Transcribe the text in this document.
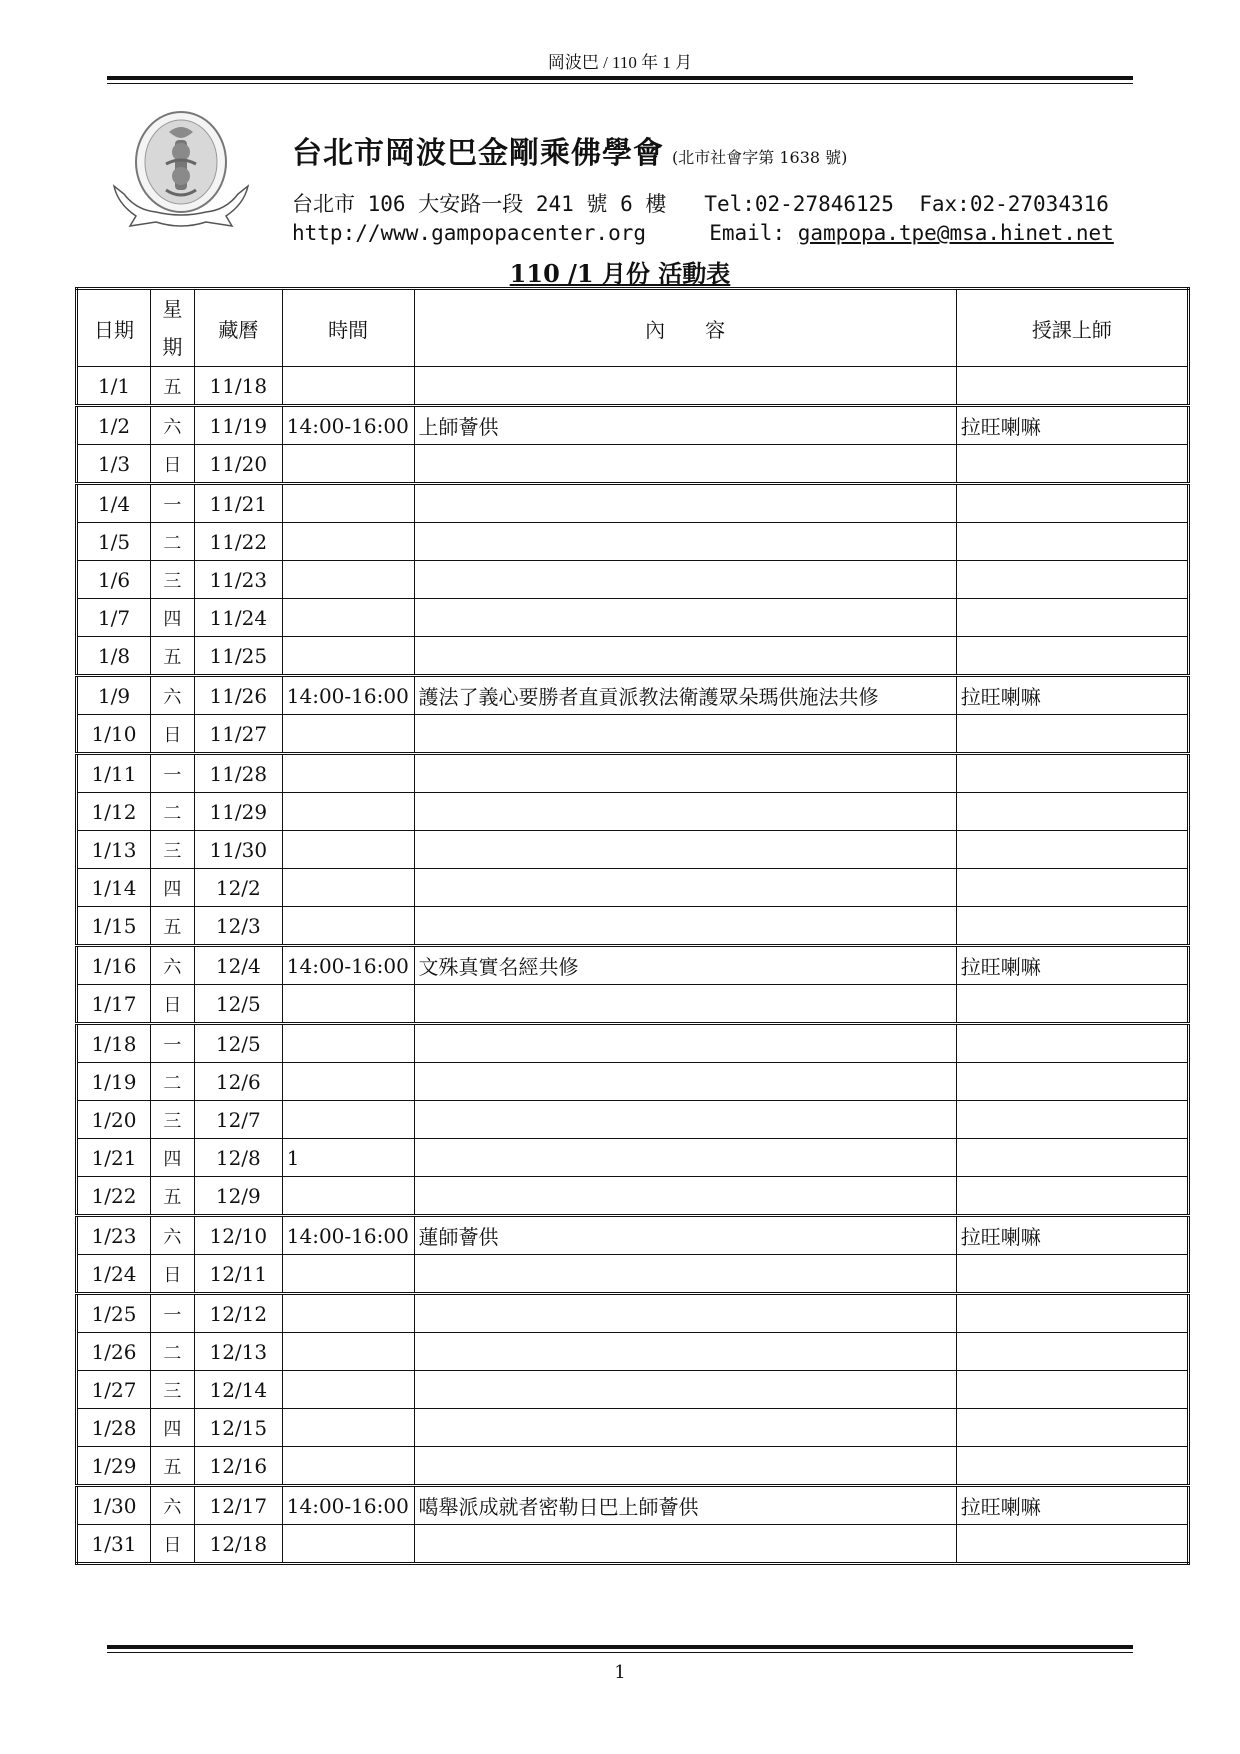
岡波巴 / 110 年 1 月
台北市岡波巴金剛乘佛學會 (北市社會字第 1638 號)
台北市 106 大安路一段 241 號 6 樓 Tel:02-27846125 Fax:02-27034316
http://www.gampopacenter.org	Email: gampopa.tpe@msa.hinet.net
110 /1 月份 活動表
日期	星期	藏曆	時間	內　　容	授課上師
1/1	五	11/18			
1/2	六	11/19	14:00-16:00	上師薈供	拉旺喇嘛
1/3	日	11/20			
1/4	一	11/21			
1/5	二	11/22			
1/6	三	11/23			
1/7	四	11/24			
1/8	五	11/25			
1/9	六	11/26	14:00-16:00	護法了義心要勝者直貢派教法衛護眾朵瑪供施法共修	拉旺喇嘛
1/10	日	11/27			
1/11	一	11/28			
1/12	二	11/29			
1/13	三	11/30			
1/14	四	12/2			
1/15	五	12/3			
1/16	六	12/4	14:00-16:00	文殊真實名經共修	拉旺喇嘛
1/17	日	12/5			
1/18	一	12/5			
1/19	二	12/6			
1/20	三	12/7			
1/21	四	12/8	1		
1/22	五	12/9			
1/23	六	12/10	14:00-16:00	蓮師薈供	拉旺喇嘛
1/24	日	12/11			
1/25	一	12/12			
1/26	二	12/13			
1/27	三	12/14			
1/28	四	12/15			
1/29	五	12/16			
1/30	六	12/17	14:00-16:00	噶舉派成就者密勒日巴上師薈供	拉旺喇嘛
1/31	日	12/18			
1
